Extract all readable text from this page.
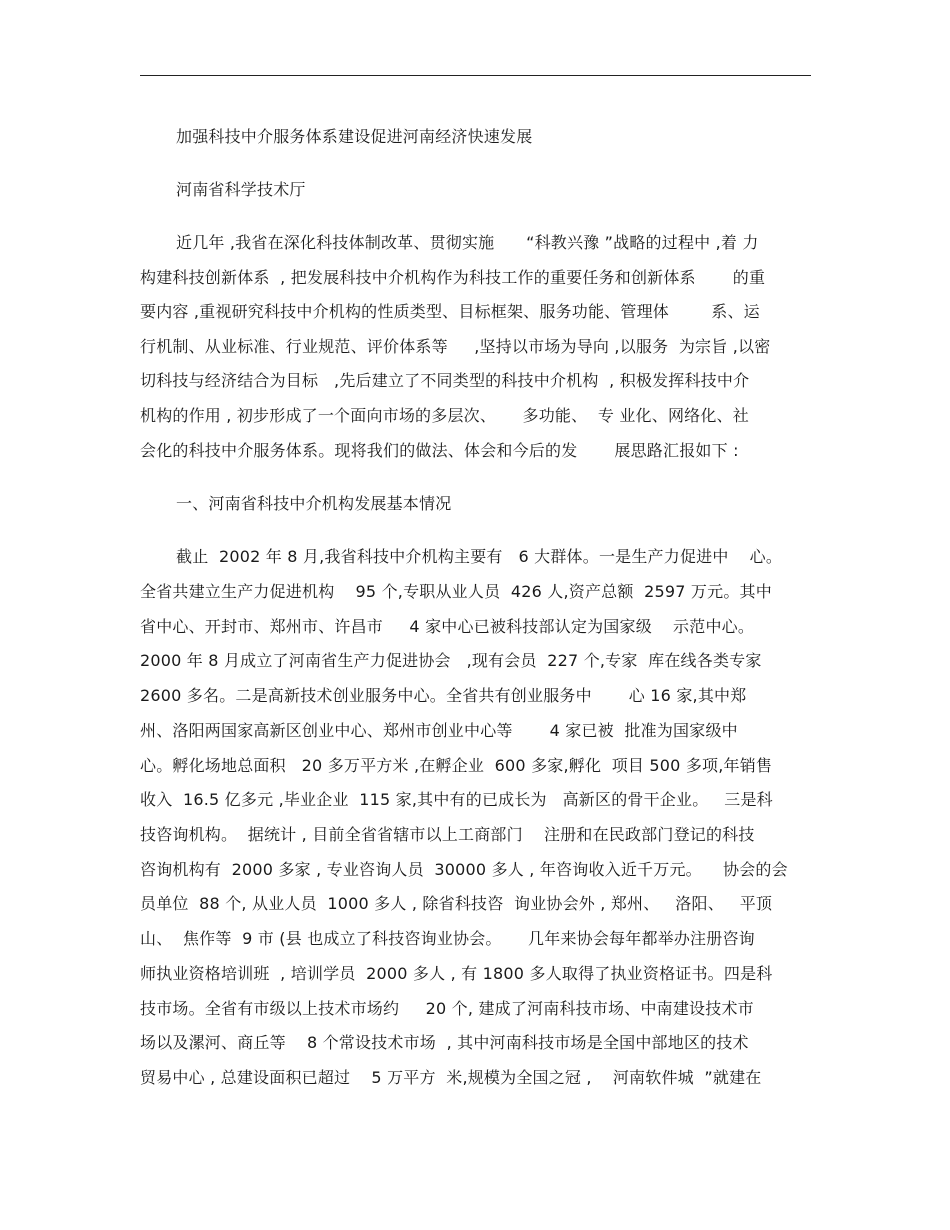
加强科技中介服务体系建设促进河南经济快速发展
河南省科学技术厅
近几年 ,我省在深化科技体制改革、贯彻实施      “科教兴豫 ”战略的过程中 ,着 力
构建科技创新体系  , 把发展科技中介机构作为科技工作的重要任务和创新体系       的重
要内容 ,重视研究科技中介机构的性质类型、目标框架、服务功能、管理体        系、运
行机制、从业标准、行业规范、评价体系等     ,坚持以市场为导向 ,以服务  为宗旨 ,以密
切科技与经济结合为目标   ,先后建立了不同类型的科技中介机构  , 积极发挥科技中介
机构的作用 , 初步形成了一个面向市场的多层次、     多功能、  专 业化、网络化、社
会化的科技中介服务体系。现将我们的做法、体会和今后的发       展思路汇报如下 :
一、河南省科技中介机构发展基本情况
截止  2002 年 8 月,我省科技中介机构主要有   6 大群体。一是生产力促进中    心。
全省共建立生产力促进机构    95 个,专职从业人员  426 人,资产总额  2597 万元。其中
省中心、开封市、郑州市、许昌市     4 家中心已被科技部认定为国家级    示范中心。
2000 年 8 月成立了河南省生产力促进协会   ,现有会员  227 个,专家  库在线各类专家
2600 多名。二是高新技术创业服务中心。全省共有创业服务中       心 16 家,其中郑
州、洛阳两国家高新区创业中心、郑州市创业中心等       4 家已被  批准为国家级中
心。孵化场地总面积   20 多万平方米 ,在孵企业  600 多家,孵化  项目 500 多项,年销售
收入  16.5 亿多元 ,毕业企业  115 家,其中有的已成长为   高新区的骨干企业。   三是科
技咨询机构。  据统计 , 目前全省省辖市以上工商部门    注册和在民政部门登记的科技
咨询机构有  2000 多家 , 专业咨询人员  30000 多人 , 年咨询收入近千万元。    协会的会
员单位  88 个, 从业人员  1000 多人 , 除省科技咨  询业协会外 , 郑州、   洛阳、   平顶
山、  焦作等  9 市 (县 也成立了科技咨询业协会。     几年来协会每年都举办注册咨询
师执业资格培训班  , 培训学员  2000 多人 , 有 1800 多人取得了执业资格证书。四是科
技市场。全省有市级以上技术市场约     20 个, 建成了河南科技市场、中南建设技术市
场以及漯河、商丘等    8 个常设技术市场  , 其中河南科技市场是全国中部地区的技术
贸易中心 , 总建设面积已超过    5 万平方  米,规模为全国之冠 ,    河南软件城  ”就建在
